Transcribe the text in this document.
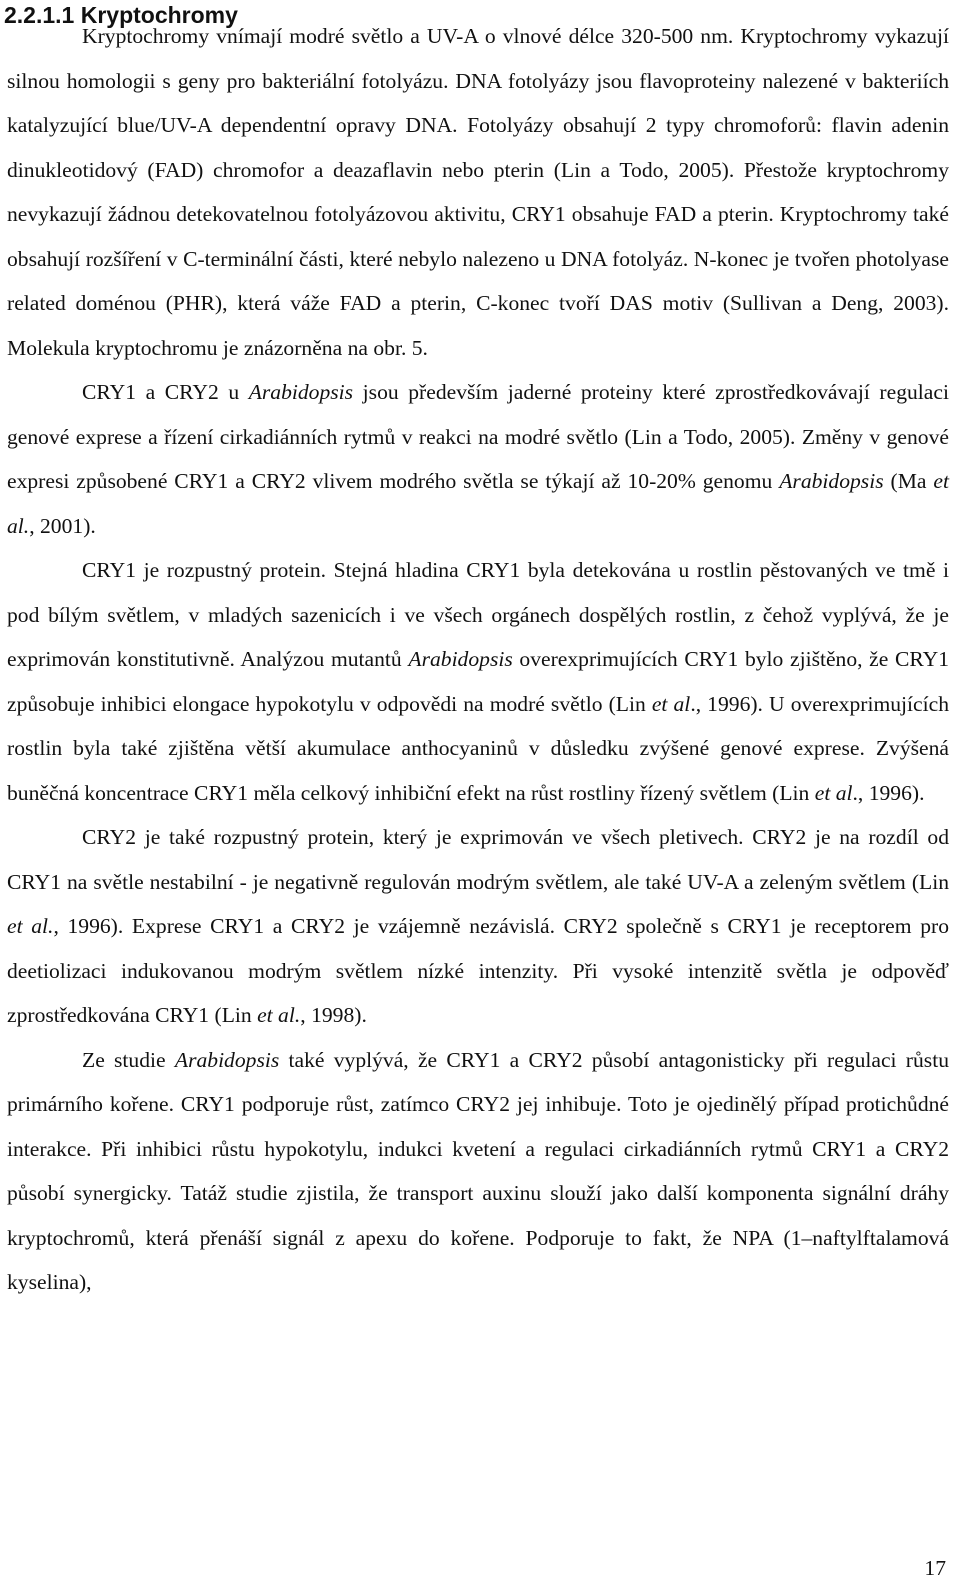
2.2.1.1 Kryptochromy

Kryptochromy vnímají modré světlo a UV-A o vlnové délce 320-500 nm. Kryptochromy vykazují silnou homologii s geny pro bakteriální fotolyázu. DNA fotolyázy jsou flavoproteiny nalezené v bakteriích katalyzující blue/UV-A dependentní opravy DNA. Fotolyázy obsahují 2 typy chromoforů: flavin adenin dinukleotidový (FAD) chromofor a deazaflavin nebo pterin (Lin a Todo, 2005). Přestože kryptochromy nevykazují žádnou detekovatelnou fotolyázovou aktivitu, CRY1 obsahuje FAD a pterin. Kryptochromy také obsahují rozšíření v C-terminální části, které nebylo nalezeno u DNA fotolyáz. N-konec je tvořen photolyase related doménou (PHR), která váže FAD a pterin, C-konec tvoří DAS motiv (Sullivan a Deng, 2003). Molekula kryptochromu je znázorněna na obr. 5.

CRY1 a CRY2 u Arabidopsis jsou především jaderné proteiny které zprostředkovávají regulaci genové exprese a řízení cirkadiánních rytmů v reakci na modré světlo (Lin a Todo, 2005). Změny v genové expresi způsobené CRY1 a CRY2 vlivem modrého světla se týkají až 10-20% genomu Arabidopsis (Ma et al., 2001).

CRY1 je rozpustný protein. Stejná hladina CRY1 byla detekována u rostlin pěstovaných ve tmě i pod bílým světlem, v mladých sazenicích i ve všech orgánech dospělých rostlin, z čehož vyplývá, že je exprimován konstitutivně. Analýzou mutantů Arabidopsis overexprimujících CRY1 bylo zjištěno, že CRY1 způsobuje inhibici elongace hypokotylu v odpovědi na modré světlo (Lin et al., 1996). U overexprimujících rostlin byla také zjištěna větší akumulace anthocyaninů v důsledku zvýšené genové exprese. Zvýšená buněčná koncentrace CRY1 měla celkový inhibiční efekt na růst rostliny řízený světlem (Lin et al., 1996).

CRY2 je také rozpustný protein, který je exprimován ve všech pletivech. CRY2 je na rozdíl od CRY1 na světle nestabilní - je negativně regulován modrým světlem, ale také UV-A a zeleným světlem (Lin et al., 1996). Exprese CRY1 a CRY2 je vzájemně nezávislá. CRY2 společně s CRY1 je receptorem pro deetiolizaci indukovanou modrým světlem nízké intenzity. Při vysoké intenzitě světla je odpověď zprostředkována CRY1 (Lin et al., 1998).

Ze studie Arabidopsis také vyplývá, že CRY1 a CRY2 působí antagonisticky při regulaci růstu primárního kořene. CRY1 podporuje růst, zatímco CRY2 jej inhibuje. Toto je ojedinělý případ protichůdné interakce. Při inhibici růstu hypokotylu, indukci kvetení a regulaci cirkadiánních rytmů CRY1 a CRY2 působí synergicky. Tatáž studie zjistila, že transport auxinu slouží jako další komponenta signální dráhy kryptochromů, která přenáší signál z apexu do kořene. Podporuje to fakt, že NPA (1–naftylftalamová kyselina),

17
